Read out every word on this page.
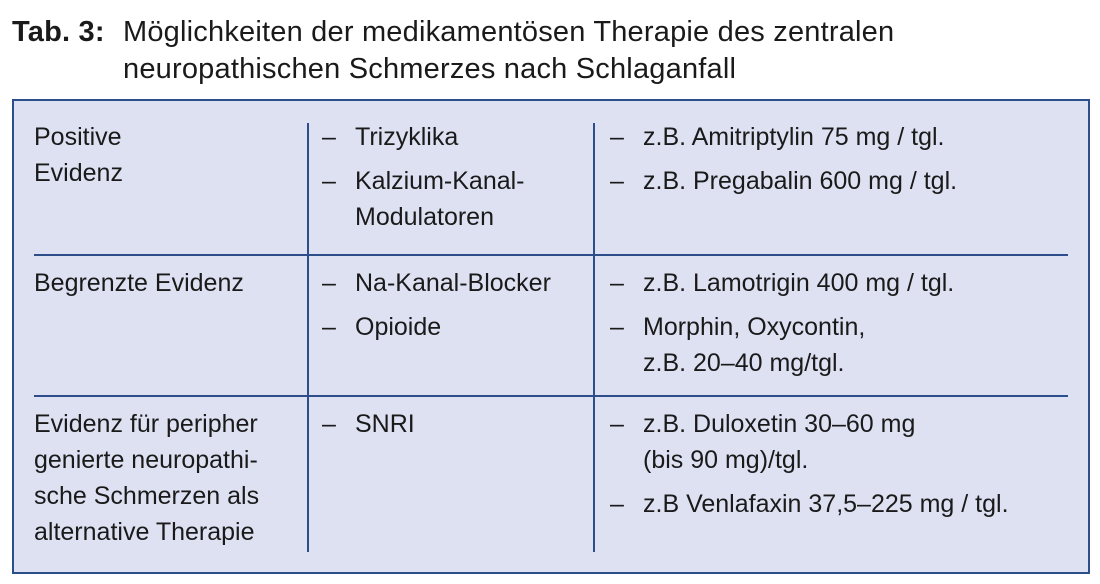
Tab. 3: Möglichkeiten der medikamentösen Therapie des zentralen
neuropathischen Schmerzes nach Schlaganfall
Positive
Evidenz
– Trizyklika
– Kalzium-Kanal-
Modulatoren
– z.B. Amitriptylin 75 mg / tgl.
– z.B. Pregabalin 600 mg / tgl.
Begrenzte Evidenz	– Na-Kanal-Blocker
– Opioide
– z.B. Lamotrigin 400 mg / tgl.
– Morphin, Oxycontin,
z.B. 20–40 mg/tgl.
Evidenz für peripher
genierte neuropathi-
sche Schmerzen als
alternative Therapie
– SNRI	– z.B. Duloxetin 30–60 mg
(bis 90 mg)/tgl.
– z.B Venlafaxin 37,5–225 mg / tgl.
